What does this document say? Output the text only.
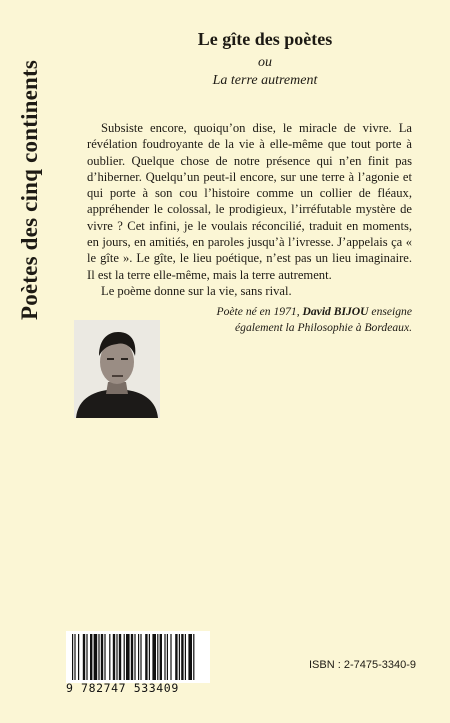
Poètes des cinq continents
Le gîte des poètes
ou
La terre autrement

Subsiste encore, quoiqu’on dise, le miracle de vivre. La révélation foudroyante de la vie à elle-même que tout porte à oublier. Quelque chose de notre présence qui n’en finit pas d’hiberner. Quelqu’un peut-il encore, sur une terre à l’agonie et qui porte à son cou l’histoire comme un collier de fléaux, appréhender le colossal, le prodigieux, l’irréfutable mystère de vivre ? Cet infini, je le voulais réconcilié, traduit en moments, en jours, en amitiés, en paroles jusqu’à l’ivresse. J’appelais ça « le gîte ». Le gîte, le lieu poétique, n’est pas un lieu imaginaire. Il est la terre elle-même, mais la terre autrement.

Le poème donne sur la vie, sans rival.

Poète né en 1971, David BIJOU enseigne également la Philosophie à Bordeaux.
9 782747 533409
ISBN : 2-7475-3340-9
